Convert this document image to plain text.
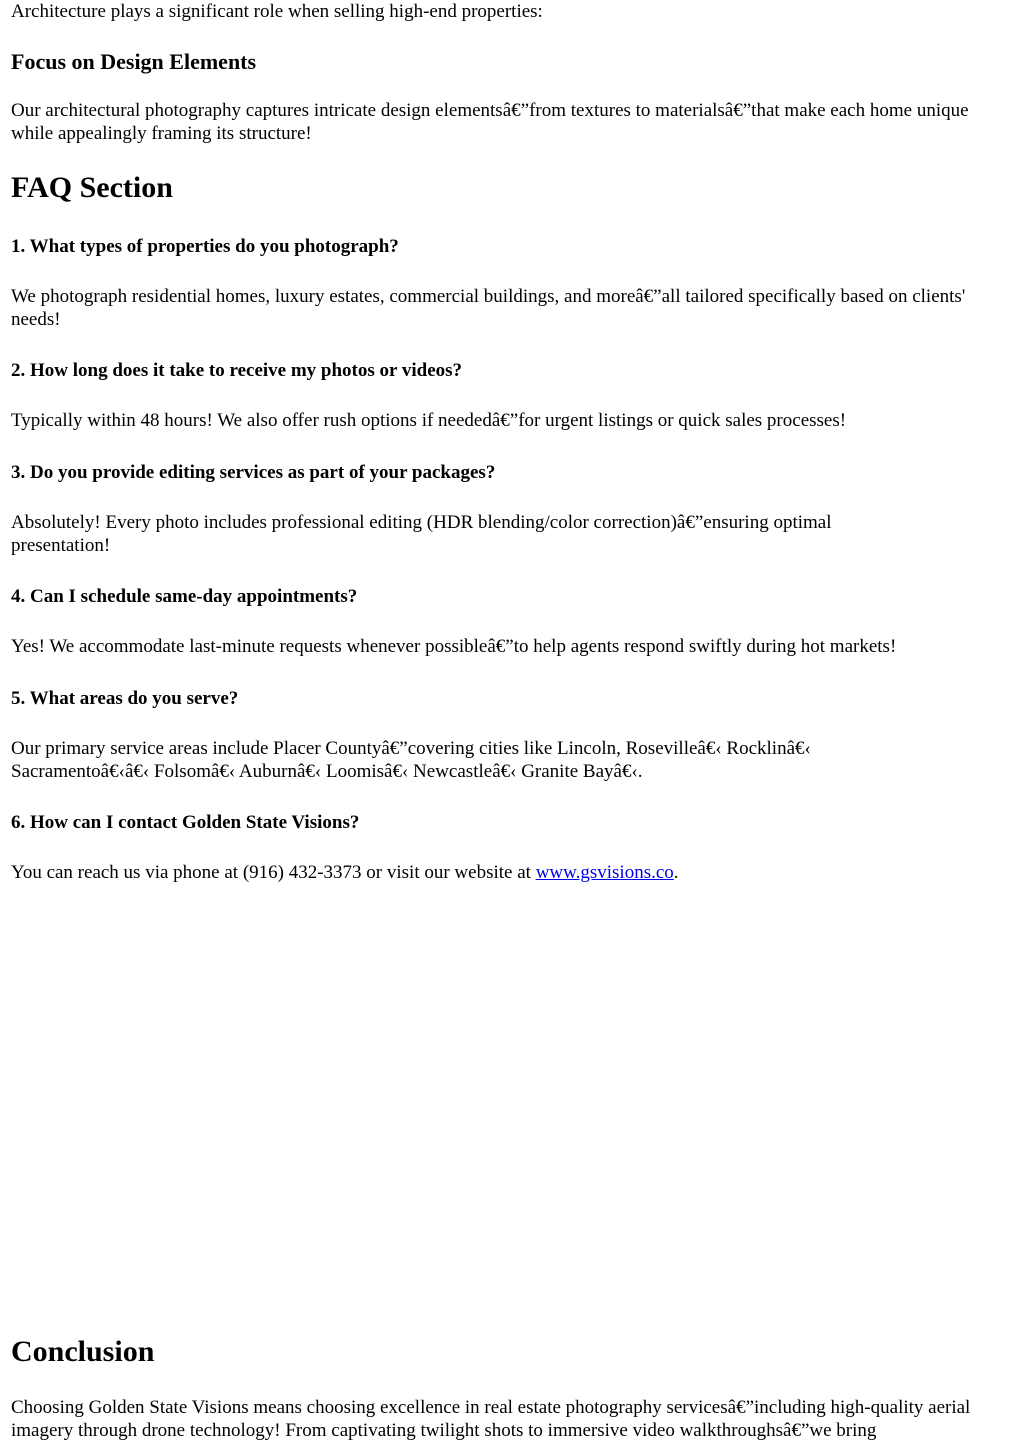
Architecture plays a significant role when selling high-end properties:

Focus on Design Elements

Our architectural photography captures intricate design elementsâ€”from textures to materialsâ€”that make each home unique while appealingly framing its structure!

FAQ Section

1. What types of properties do you photograph?

We photograph residential homes, luxury estates, commercial buildings, and moreâ€”all tailored specifically based on clients' needs!

2. How long does it take to receive my photos or videos?

Typically within 48 hours! We also offer rush options if neededâ€”for urgent listings or quick sales processes!

3. Do you provide editing services as part of your packages?

Absolutely! Every photo includes professional editing (HDR blending/color correction)â€”ensuring optimal presentation!

4. Can I schedule same-day appointments?

Yes! We accommodate last-minute requests whenever possibleâ€”to help agents respond swiftly during hot markets!

5. What areas do you serve?

Our primary service areas include Placer Countyâ€”covering cities like Lincoln, Rosevilleâ€‹ Rocklinâ€‹ Sacramentoâ€‹â€‹ Folsomâ€‹ Auburnâ€‹ Loomisâ€‹ Newcastleâ€‹ Granite Bayâ€‹.

6. How can I contact Golden State Visions?

You can reach us via phone at (916) 432-3373 or visit our website at www.gsvisions.co.

Conclusion

Choosing Golden State Visions means choosing excellence in real estate photography servicesâ€”including high-quality aerial imagery through drone technology! From captivating twilight shots to immersive video walkthroughsâ€”we bring
